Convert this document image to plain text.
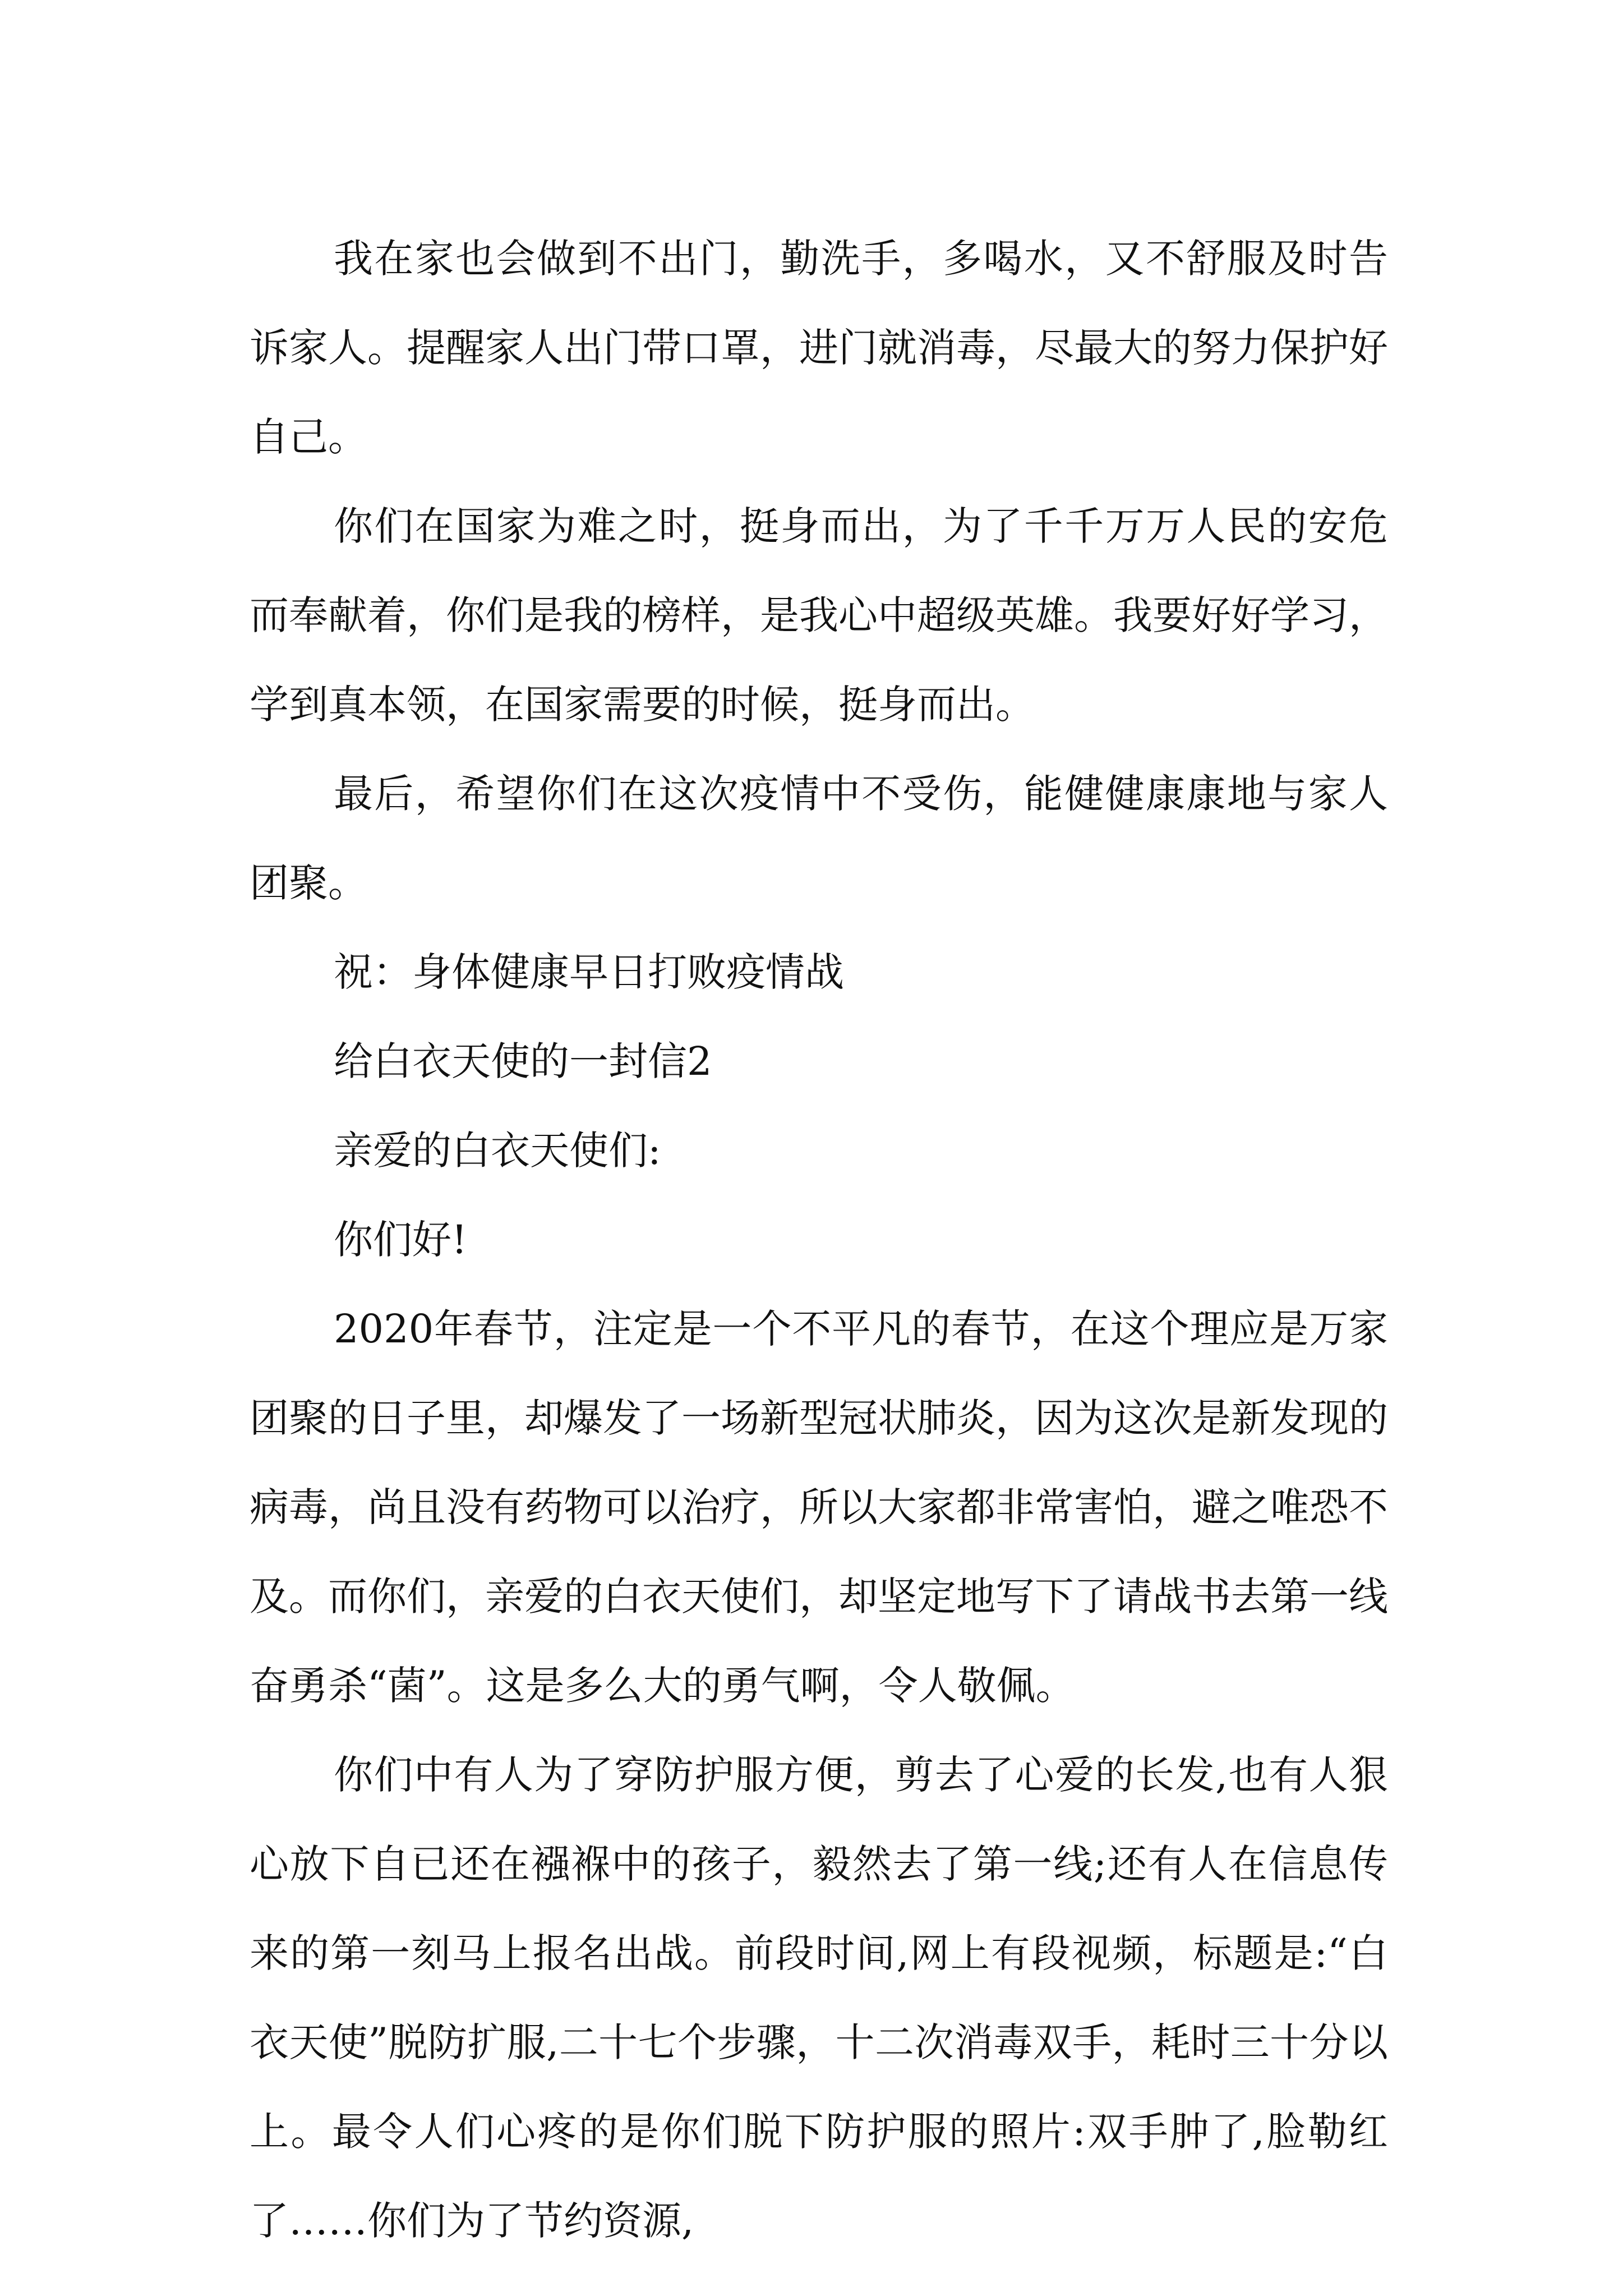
我在家也会做到不出门，勤洗手，多喝水，又不舒服及时告诉家人。提醒家人出门带口罩，进门就消毒，尽最大的努力保护好自己。

你们在国家为难之时，挺身而出，为了千千万万人民的安危而奉献着，你们是我的榜样，是我心中超级英雄。我要好好学习，学到真本领，在国家需要的时候，挺身而出。

最后，希望你们在这次疫情中不受伤，能健健康康地与家人团聚。

祝：身体健康早日打败疫情战

给白衣天使的一封信2

亲爱的白衣天使们:

你们好!

2020年春节，注定是一个不平凡的春节，在这个理应是万家团聚的日子里，却爆发了一场新型冠状肺炎，因为这次是新发现的病毒，尚且没有药物可以治疗，所以大家都非常害怕，避之唯恐不及。而你们，亲爱的白衣天使们，却坚定地写下了请战书去第一线奋勇杀“菌”。这是多么大的勇气啊，令人敬佩。

你们中有人为了穿防护服方便，剪去了心爱的长发,也有人狠心放下自已还在襁褓中的孩子，毅然去了第一线;还有人在信息传来的第一刻马上报名出战。前段时间,网上有段视频，标题是:“白衣天使”脱防扩服,二十七个步骤，十二次消毒双手，耗时三十分以上。最令人们心疼的是你们脱下防护服的照片:双手肿了,脸勒红了……你们为了节约资源,
